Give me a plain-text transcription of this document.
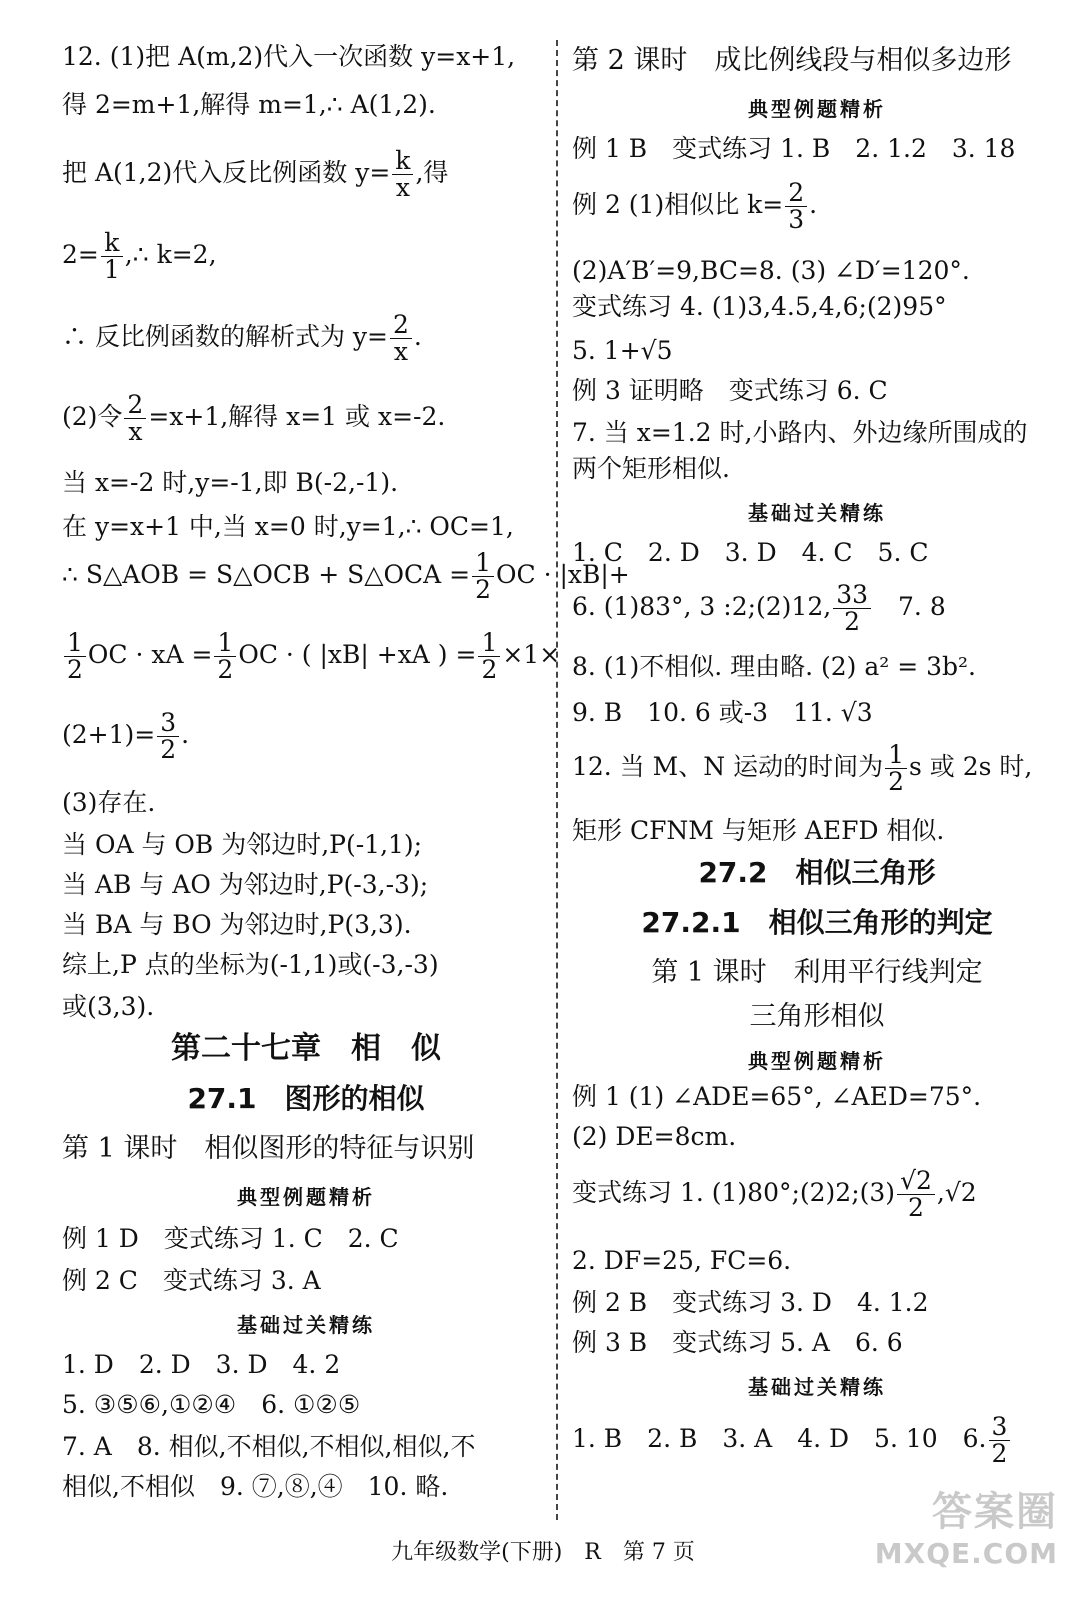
12. (1)把 A(m,2)代入一次函数 y=x+1,
得 2=m+1,解得 m=1,∴ A(1,2).
把 A(1,2)代入反比例函数 $y= \frac{k}{x}$ ,得
$2= \frac{k}{1}$ ,∴ k=2,
∴ 反比例函数的解析式为 $y= \frac{2}{x}$ .
(2)令 $\frac{2}{x} =x+1$,解得 x=1 或 x=-2.
当 x=-2 时,y=-1,即 B(-2,-1).
在 y=x+1 中,当 x=0 时,y=1,∴ OC=1,
∴ S△AOB = S△OCB + S△OCA = $\frac{1}{2}$ OC · |xB|+
$\frac{1}{2}$ OC · xA = $\frac{1}{2}$ OC · ( |xB| +xA ) = $\frac{1}{2} \times 1\times$
$(2+1)= \frac{3}{2}$ .
(3)存在.
当 OA 与 OB 为邻边时,P(-1,1);
当 AB 与 AO 为邻边时,P(-3,-3);
当 BA 与 BO 为邻边时,P(3,3).
综上,P 点的坐标为(-1,1)或(-3,-3)
或(3,3).
第二十七章　相　似
27.1　图形的相似
第 1 课时　相似图形的特征与识别
典型例题精析
例 1 D　变式练习 1. C　2. C
例 2 C　变式练习 3. A
基础过关精练
1. D　2. D　3. D　4. 2
5. ③⑤⑥,①②④　6. ①②⑤
7. A　8. 相似,不相似,不相似,相似,不
相似,不相似　9. ⑦,⑧,④　10. 略.
第 2 课时　成比例线段与相似多边形
典型例题精析
例 1 B　变式练习 1. B　2. 1.2　3. 18
例 2 (1)相似比 $k= \frac{2}{3}$ .
(2)A′B′=9,BC=8. (3) ∠D′=120°.
变式练习 4. (1)3,4.5,4,6;(2)95°
5. 1+√5
例 3 证明略　变式练习 6. C
7. 当 x=1.2 时,小路内、外边缘所围成的
两个矩形相似.
基础过关精练
1. C　2. D　3. D　4. C　5. C
6. (1)83°, 3 :2;(2)12, $\frac{33}{2}$ 　7. 8
8. (1)不相似. 理由略. (2) a² = 3b².
9. B　10. 6 或-3　11. √3
12. 当 M、N 运动的时间为 $\frac{1}{2}$ s 或 2s 时,
矩形 CFNM 与矩形 AEFD 相似.
27.2　相似三角形
27.2.1　相似三角形的判定
第 1 课时　利用平行线判定
三角形相似
典型例题精析
例 1 (1) ∠ADE=65°, ∠AED=75°.
(2) DE=8cm.
变式练习 1. (1)80°;(2)2;(3) $\frac{√2}{2} ,√2$
2. DF=25, FC=6.
例 2 B　变式练习 3. D　4. 1.2
例 3 B　变式练习 5. A　6. 6
基础过关精练
1. B　2. B　3. A　4. D　5. 10　6. $\frac{3}{2}$
九年级数学(下册)　R　第 7 页
答案圈
MXQE.COM
